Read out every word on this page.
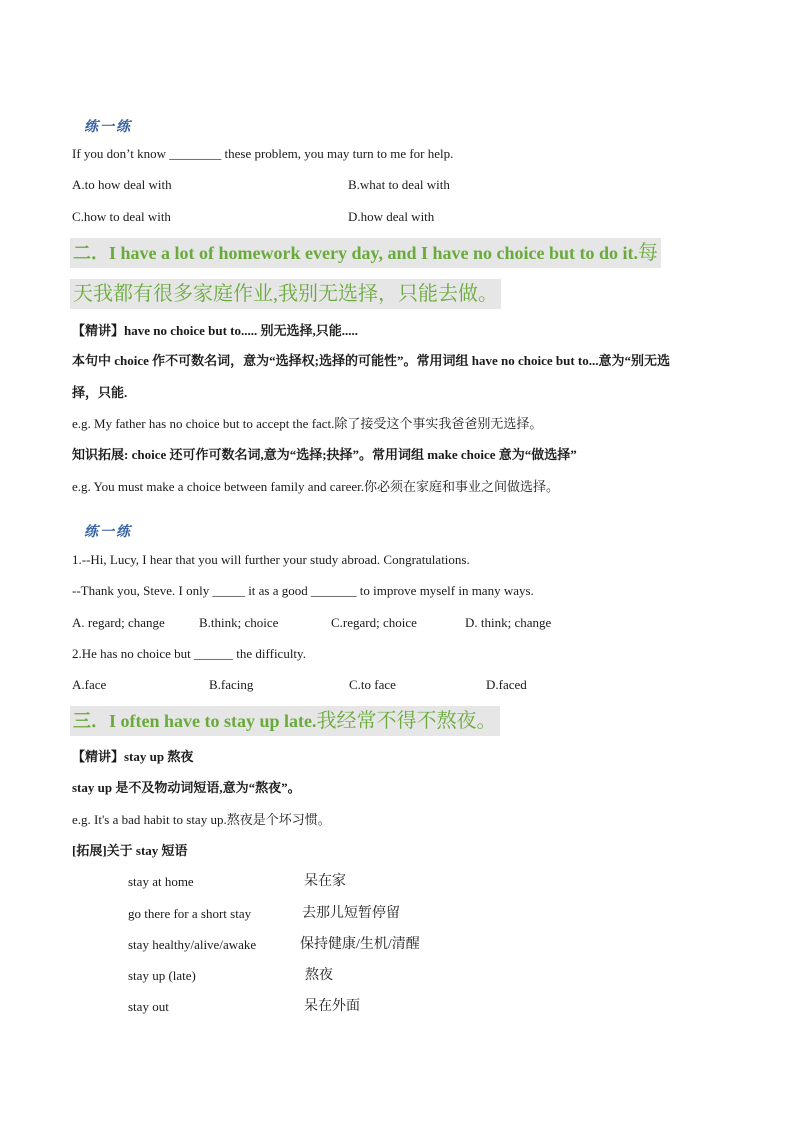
练一练
If you don’t know ________ these problem, you may turn to me for help.
A.to how deal with	B.what to deal with
C.how to deal with	D.how deal with
二．I have a lot of homework every day, and I have no choice but to do it.每
天我都有很多家庭作业,我别无选择，只能去做。
【精讲】have no choice but to..... 别无选择,只能.....
本句中 choice 作不可数名词，意为“选择权;选择的可能性”。常用词组 have no choice but to...意为“别无选
择，只能.
e.g. My father has no choice but to accept the fact.除了接受这个事实我爸爸别无选择。
知识拓展: choice 还可作可数名词,意为“选择;抉择”。常用词组 make choice 意为“做选择”
e.g. You must make a choice between family and career.你必须在家庭和事业之间做选择。
练一练
1.--Hi, Lucy, I hear that you will further your study abroad. Congratulations.
--Thank you, Steve. I only _____ it as a good _______ to improve myself in many ways.
A. regard; change	B.think; choice	C.regard; choice	D. think; change
2.He has no choice but ______ the difficulty.
A.face	B.facing	C.to face	D.faced
三．I often have to stay up late.我经常不得不熬夜。
【精讲】stay up 熬夜
stay up 是不及物动词短语,意为“熬夜”。
e.g. It's a bad habit to stay up.熬夜是个坏习惯。
[拓展]关于 stay 短语
stay at home	呆在家
go there for a short stay	去那儿短暂停留
stay healthy/alive/awake	保持健康/生机/清醒
stay up (late)	熬夜
stay out	呆在外面
